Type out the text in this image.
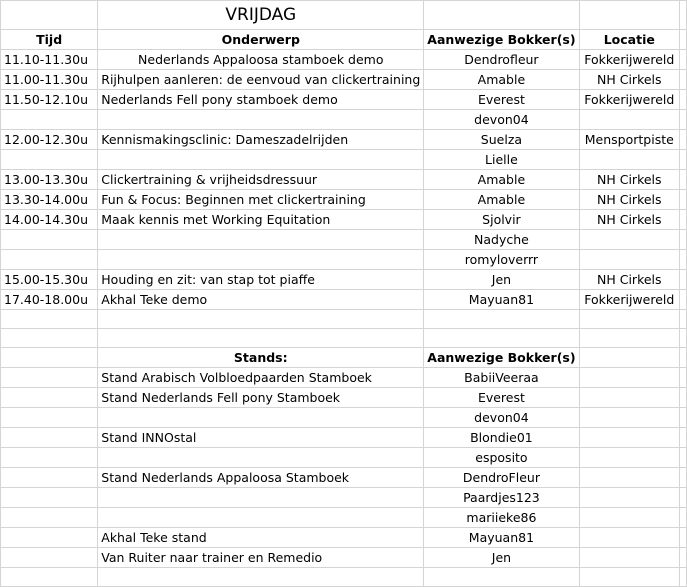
	VRIJDAG			
Tijd	Onderwerp	Aanwezige Bokker(s)	Locatie	
11.10-11.30u	Nederlands Appaloosa stamboek demo	Dendrofleur	Fokkerijwereld	
11.00-11.30u	Rijhulpen aanleren: de eenvoud van clickertraining	Amable	NH Cirkels	
11.50-12.10u	Nederlands Fell pony stamboek demo	Everest	Fokkerijwereld	
		devon04		
12.00-12.30u	Kennismakingsclinic: Dameszadelrijden	Suelza	Mensportpiste	
		Lielle		
13.00-13.30u	Clickertraining & vrijheidsdressuur	Amable	NH Cirkels	
13.30-14.00u	Fun & Focus: Beginnen met clickertraining	Amable	NH Cirkels	
14.00-14.30u	Maak kennis met Working Equitation	Sjolvir	NH Cirkels	
		Nadyche		
		romyloverrr		
15.00-15.30u	Houding en zit: van stap tot piaffe	Jen	NH Cirkels	
17.40-18.00u	Akhal Teke demo	Mayuan81	Fokkerijwereld	

	Stands:	Aanwezige Bokker(s)		
	Stand Arabisch Volbloedpaarden Stamboek	BabiiVeeraa		
	Stand Nederlands Fell pony Stamboek	Everest		
		devon04		
	Stand INNOstal	Blondie01		
		esposito		
	Stand Nederlands Appaloosa Stamboek	DendroFleur		
		Paardjes123		
		mariieke86		
	Akhal Teke stand	Mayuan81		
	Van Ruiter naar trainer en Remedio	Jen		
